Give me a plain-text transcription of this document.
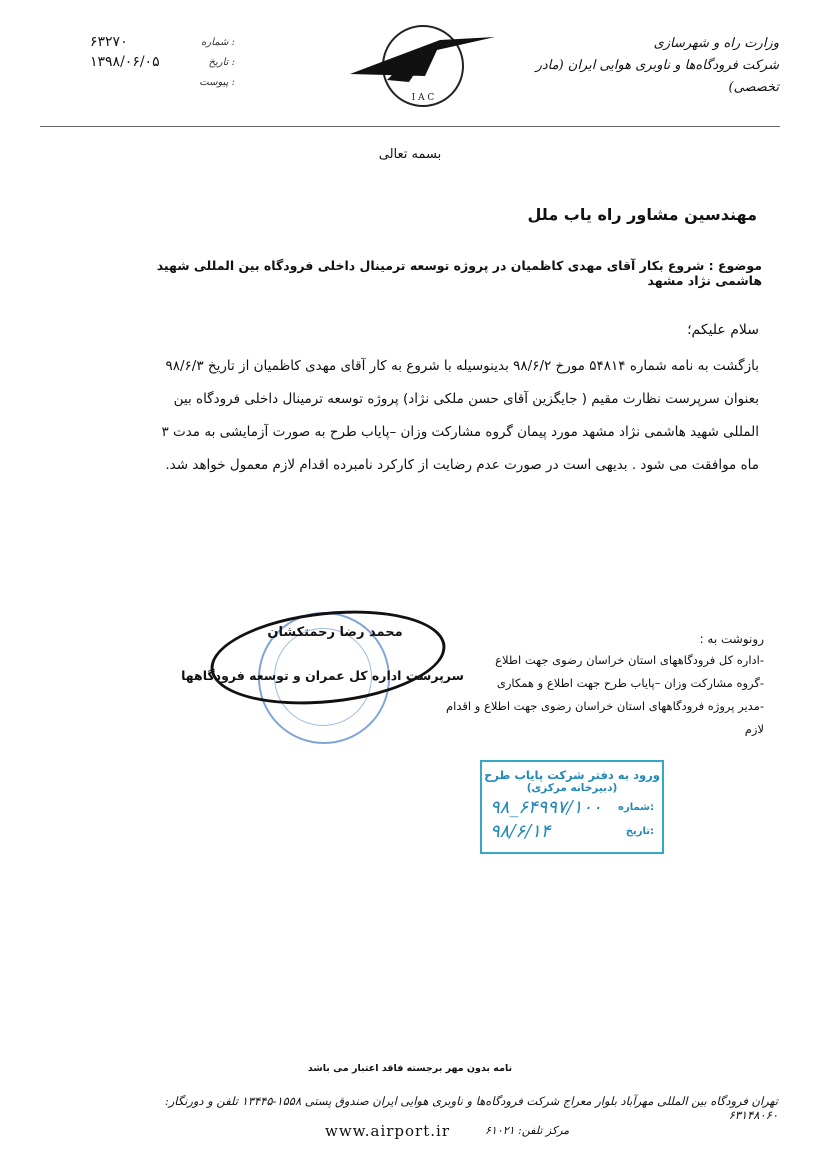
وزارت راه و شهرسازی
شرکت فرودگاه‌ها و ناوبری هوایی ایران (مادر تخصصی)
۶۳۲۷۰	شماره :
۱۳۹۸/۰۶/۰۵	تاریخ :
پیوست :
I A C
بسمه تعالی
مهندسین مشاور راه یاب ملل
موضوع : شروع بکار آقای مهدی کاظمیان در پروژه توسعه ترمینال داخلی فرودگاه بین المللی شهید هاشمی نژاد مشهد
سلام علیکم؛

بازگشت به نامه شماره ۵۴۸۱۴ مورخ ۹۸/۶/۲ بدینوسیله با شروع به کار آقای مهدی کاظمیان از تاریخ ۹۸/۶/۳ بعنوان سرپرست نظارت مقیم ( جایگزین آقای حسن ملکی نژاد) پروژه توسعه ترمینال داخلی فرودگاه بین المللی شهید هاشمی نژاد مشهد مورد پیمان گروه مشارکت وزان –پایاب طرح به صورت آزمایشی به مدت ۳ ماه موافقت می شود . بدیهی است در صورت عدم رضایت از کارکرد نامبرده اقدام لازم معمول خواهد شد.

رونوشت به :
-اداره کل فرودگاههای استان خراسان رضوی جهت اطلاع
-گروه مشارکت وزان –پایاب طرح جهت اطلاع و همکاری
-مدیر پروژه فرودگاههای استان خراسان رضوی جهت اطلاع و اقدام لازم
محمد رضا رحمتکشان
سرپرست اداره کل عمران و توسعه فرودگاهها
ورود به دفتر شرکت پایاب طرح
(دبیرخانه مرکزی)
۹۸_۶۴۹۹۷/۱۰۰ شماره:
۹۸/۶/۱۴	تاریخ:
نامه بدون مهر برجسته فاقد اعتبار می باشد
تهران فرودگاه بین المللی مهرآباد بلوار معراج شرکت فرودگاه‌ها و ناوبری هوایی ایران صندوق پستی ۱۵۵۸-۱۳۴۴۵ تلفن و دورنگار: ۶۳۱۴۸۰۶۰
www.airport.ir	مرکز تلفن: ۶۱۰۲۱
